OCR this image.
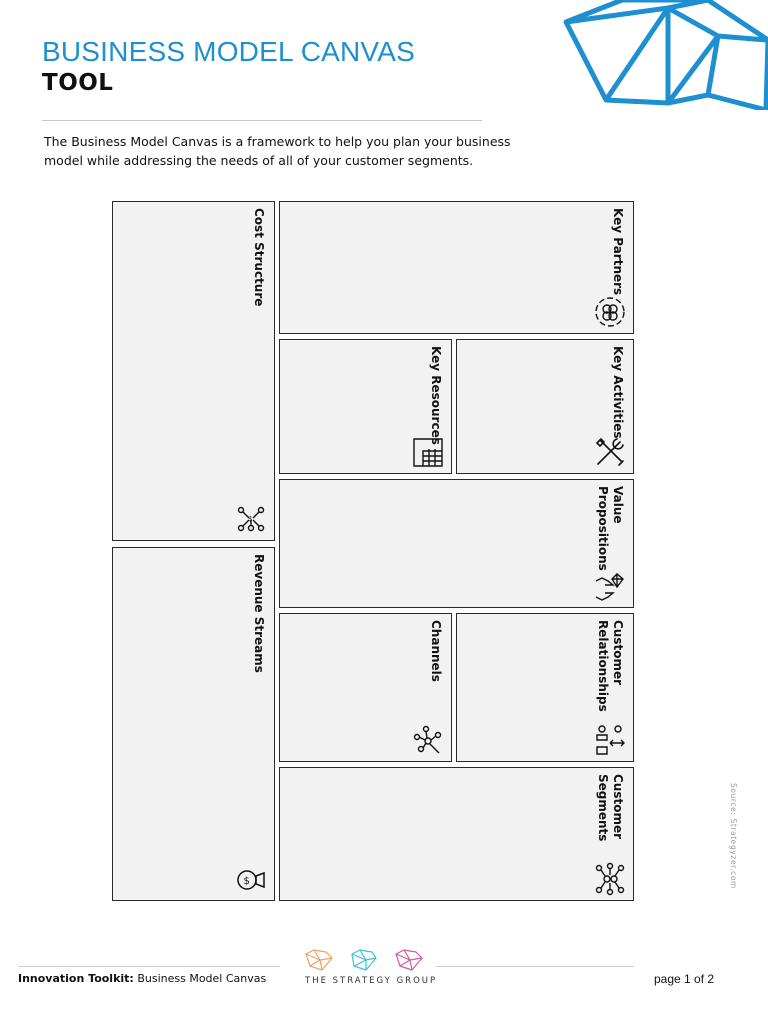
BUSINESS MODEL CANVAS
TOOL
The Business Model Canvas is a framework to help you plan your business model while addressing the needs of all of your customer segments.
Cost Structure
$
Revenue Streams
$
Key Partners
Key Resources	Key Activities
Value Propositions
Channels	Customer Relationships
Customer Segments	Source: Strategyzer.com
Innovation Toolkit: Business Model Canvas	THE STRATEGY GROUP	page 1 of 2
